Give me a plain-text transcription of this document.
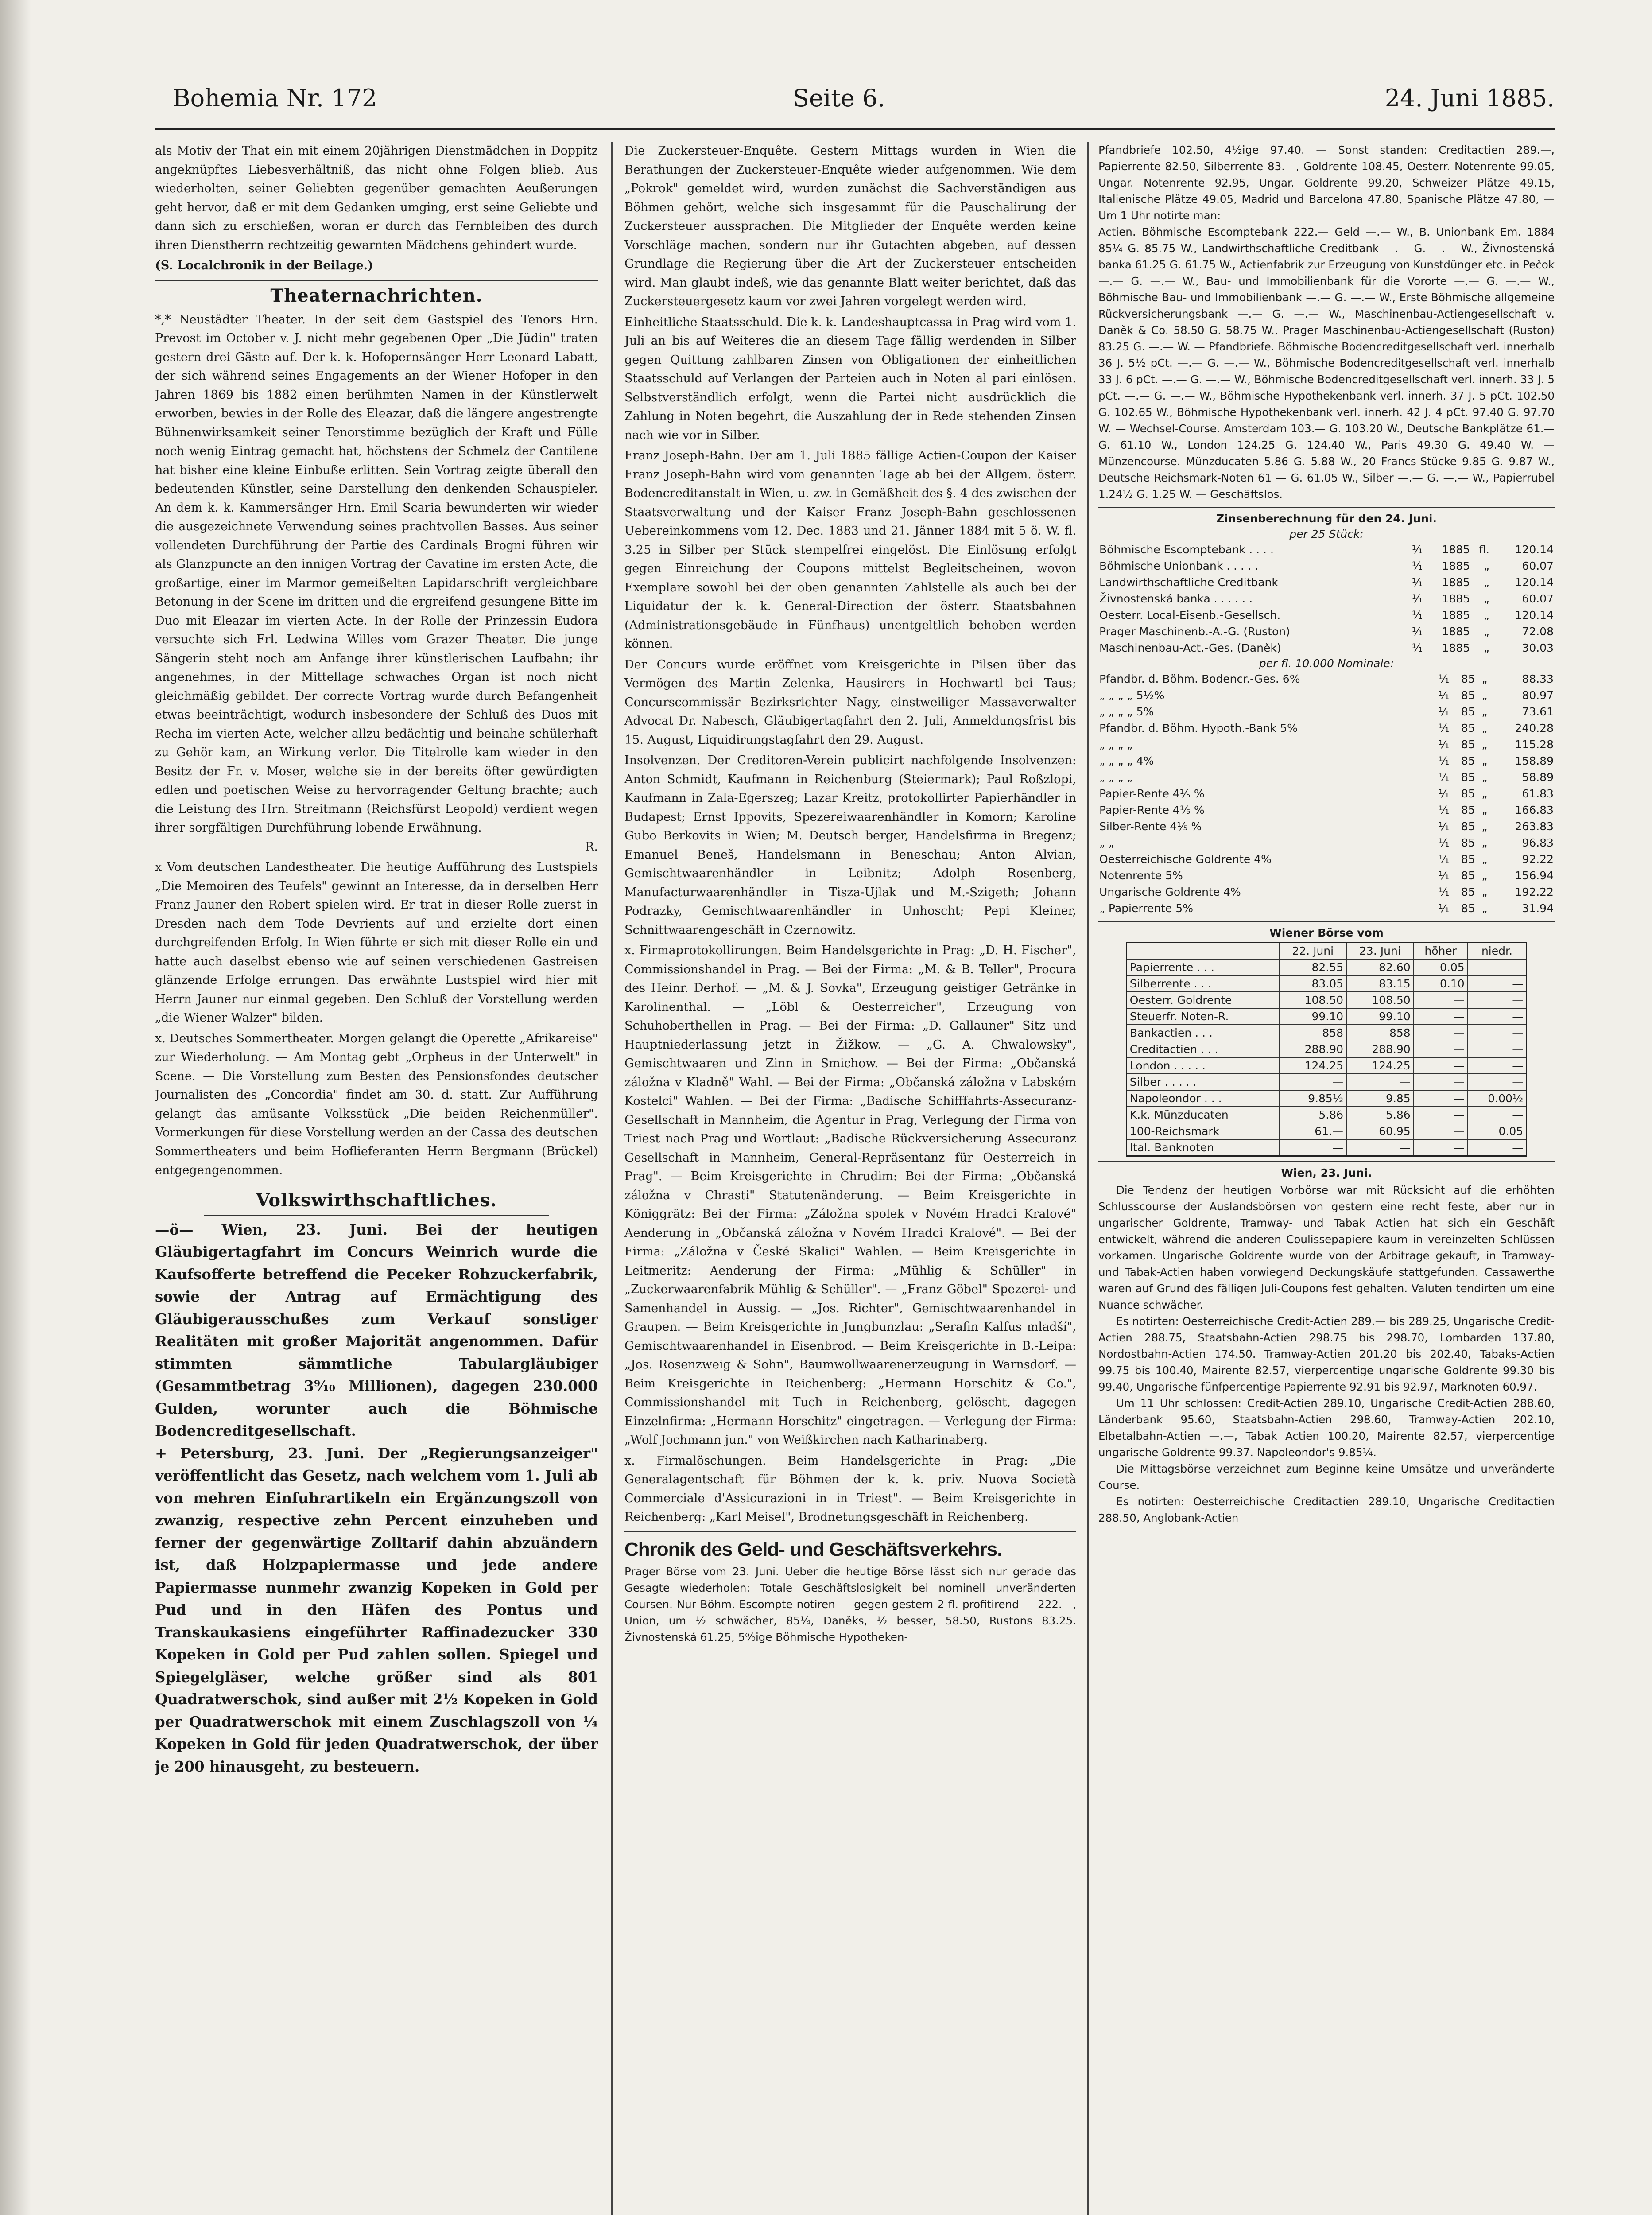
Bohemia Nr. 172	Seite 6.	24. Juni 1885.

als Motiv der That ein mit einem 20jährigen Dienstmädchen in Doppitz angeknüpftes Liebesverhältniß, das nicht ohne Folgen blieb. Aus wiederholten, seiner Geliebten gegenüber gemachten Aeußerungen geht hervor, daß er mit dem Gedanken umging, erst seine Geliebte und dann sich zu erschießen, woran er durch das Fernbleiben des durch ihren Dienstherrn rechtzeitig gewarnten Mädchens gehindert wurde.

(S. Localchronik in der Beilage.)

Theaternachrichten.

*,* Neustädter Theater. In der seit dem Gastspiel des Tenors Hrn. Prevost im October v. J. nicht mehr gegebenen Oper „Die Jüdin" traten gestern drei Gäste auf. Der k. k. Hofopernsänger Herr Leonard Labatt, der sich während seines Engagements an der Wiener Hofoper in den Jahren 1869 bis 1882 einen berühmten Namen in der Künstlerwelt erworben, bewies in der Rolle des Eleazar, daß die längere angestrengte Bühnenwirksamkeit seiner Tenorstimme bezüglich der Kraft und Fülle noch wenig Eintrag gemacht hat, höchstens der Schmelz der Cantilene hat bisher eine kleine Einbuße erlitten. Sein Vortrag zeigte überall den bedeutenden Künstler, seine Darstellung den denkenden Schauspieler. An dem k. k. Kammersänger Hrn. Emil Scaria bewunderten wir wieder die ausgezeichnete Verwendung seines prachtvollen Basses. Aus seiner vollendeten Durchführung der Partie des Cardinals Brogni führen wir als Glanzpuncte an den innigen Vortrag der Cavatine im ersten Acte, die großartige, einer im Marmor gemeißelten Lapidarschrift vergleichbare Betonung in der Scene im dritten und die ergreifend gesungene Bitte im Duo mit Eleazar im vierten Acte. In der Rolle der Prinzessin Eudora versuchte sich Frl. Ledwina Willes vom Grazer Theater. Die junge Sängerin steht noch am Anfange ihrer künstlerischen Laufbahn; ihr angenehmes, in der Mittellage schwaches Organ ist noch nicht gleichmäßig gebildet. Der correcte Vortrag wurde durch Befangenheit etwas beeinträchtigt, wodurch insbesondere der Schluß des Duos mit Recha im vierten Acte, welcher allzu bedächtig und beinahe schülerhaft zu Gehör kam, an Wirkung verlor. Die Titelrolle kam wieder in den Besitz der Fr. v. Moser, welche sie in der bereits öfter gewürdigten edlen und poetischen Weise zu hervorragender Geltung brachte; auch die Leistung des Hrn. Streitmann (Reichsfürst Leopold) verdient wegen ihrer sorgfältigen Durchführung lobende Erwähnung.

R.

x Vom deutschen Landestheater. Die heutige Aufführung des Lustspiels „Die Memoiren des Teufels" gewinnt an Interesse, da in derselben Herr Franz Jauner den Robert spielen wird. Er trat in dieser Rolle zuerst in Dresden nach dem Tode Devrients auf und erzielte dort einen durchgreifenden Erfolg. In Wien führte er sich mit dieser Rolle ein und hatte auch daselbst ebenso wie auf seinen verschiedenen Gastreisen glänzende Erfolge errungen. Das erwähnte Lustspiel wird hier mit Herrn Jauner nur einmal gegeben. Den Schluß der Vorstellung werden „die Wiener Walzer" bilden.

x. Deutsches Sommertheater. Morgen gelangt die Operette „Afrikareise" zur Wiederholung. — Am Montag gebt „Orpheus in der Unterwelt" in Scene. — Die Vorstellung zum Besten des Pensionsfondes deutscher Journalisten des „Concordia" findet am 30. d. statt. Zur Aufführung gelangt das amüsante Volksstück „Die beiden Reichenmüller". Vormerkungen für diese Vorstellung werden an der Cassa des deutschen Sommertheaters und beim Hoflieferanten Herrn Bergmann (Brückel) entgegengenommen.

Volkswirthschaftliches.

—ö— Wien, 23. Juni. Bei der heutigen Gläubigertagfahrt im Concurs Weinrich wurde die Kaufsofferte betreffend die Peceker Rohzuckerfabrik, sowie der Antrag auf Ermächtigung des Gläubigerausschußes zum Verkauf sonstiger Realitäten mit großer Majorität angenommen. Dafür stimmten sämmtliche Tabulargläubiger (Gesammtbetrag 3⁹⁄₁₀ Millionen), dagegen 230.000 Gulden, worunter auch die Böhmische Bodencreditgesellschaft.

+ Petersburg, 23. Juni. Der „Regierungsanzeiger" veröffentlicht das Gesetz, nach welchem vom 1. Juli ab von mehren Einfuhrartikeln ein Ergänzungszoll von zwanzig, respective zehn Percent einzuheben und ferner der gegenwärtige Zolltarif dahin abzuändern ist, daß Holzpapiermasse und jede andere Papiermasse nunmehr zwanzig Kopeken in Gold per Pud und in den Häfen des Pontus und Transkaukasiens eingeführter Raffinadezucker 330 Kopeken in Gold per Pud zahlen sollen. Spiegel und Spiegelgläser, welche größer sind als 801 Quadratwerschok, sind außer mit 2½ Kopeken in Gold per Quadratwerschok mit einem Zuschlagszoll von ¼ Kopeken in Gold für jeden Quadratwerschok, der über je 200 hinausgeht, zu besteuern.

Die Zuckersteuer-Enquête. Gestern Mittags wurden in Wien die Berathungen der Zuckersteuer-Enquête wieder aufgenommen. Wie dem „Pokrok" gemeldet wird, wurden zunächst die Sachverständigen aus Böhmen gehört, welche sich insgesammt für die Pauschalirung der Zuckersteuer aussprachen. Die Mitglieder der Enquête werden keine Vorschläge machen, sondern nur ihr Gutachten abgeben, auf dessen Grundlage die Regierung über die Art der Zuckersteuer entscheiden wird. Man glaubt indeß, wie das genannte Blatt weiter berichtet, daß das Zuckersteuergesetz kaum vor zwei Jahren vorgelegt werden wird.

Einheitliche Staatsschuld. Die k. k. Landeshauptcassa in Prag wird vom 1. Juli an bis auf Weiteres die an diesem Tage fällig werdenden in Silber gegen Quittung zahlbaren Zinsen von Obligationen der einheitlichen Staatsschuld auf Verlangen der Parteien auch in Noten al pari einlösen. Selbstverständlich erfolgt, wenn die Partei nicht ausdrücklich die Zahlung in Noten begehrt, die Auszahlung der in Rede stehenden Zinsen nach wie vor in Silber.

Franz Joseph-Bahn. Der am 1. Juli 1885 fällige Actien-Coupon der Kaiser Franz Joseph-Bahn wird vom genannten Tage ab bei der Allgem. österr. Bodencreditanstalt in Wien, u. zw. in Gemäßheit des §. 4 des zwischen der Staatsverwaltung und der Kaiser Franz Joseph-Bahn geschlossenen Uebereinkommens vom 12. Dec. 1883 und 21. Jänner 1884 mit 5 ö. W. fl. 3.25 in Silber per Stück stempelfrei eingelöst. Die Einlösung erfolgt gegen Einreichung der Coupons mittelst Begleitscheinen, wovon Exemplare sowohl bei der oben genannten Zahlstelle als auch bei der Liquidatur der k. k. General-Direction der österr. Staatsbahnen (Administrationsgebäude in Fünfhaus) unentgeltlich behoben werden können.

Der Concurs wurde eröffnet vom Kreisgerichte in Pilsen über das Vermögen des Martin Zelenka, Hausirers in Hochwartl bei Taus; Concurscommissär Bezirksrichter Nagy, einstweiliger Massaverwalter Advocat Dr. Nabesch, Gläubigertagfahrt den 2. Juli, Anmeldungsfrist bis 15. August, Liquidirungstagfahrt den 29. August.

Insolvenzen. Der Creditoren-Verein publicirt nachfolgende Insolvenzen: Anton Schmidt, Kaufmann in Reichenburg (Steiermark); Paul Roßzlopi, Kaufmann in Zala-Egerszeg; Lazar Kreitz, protokollirter Papierhändler in Budapest; Ernst Ippovits, Spezereiwaarenhändler in Komorn; Karoline Gubo Berkovits in Wien; M. Deutsch berger, Handelsfirma in Bregenz; Emanuel Beneš, Handelsmann in Beneschau; Anton Alvian, Gemischtwaarenhändler in Leibnitz; Adolph Rosenberg, Manufacturwaarenhändler in Tisza-Ujlak und M.-Szigeth; Johann Podrazky, Gemischtwaarenhändler in Unhoscht; Pepi Kleiner, Schnittwaarengeschäft in Czernowitz.

x. Firmaprotokollirungen. Beim Handelsgerichte in Prag: „D. H. Fischer", Commissionshandel in Prag. — Bei der Firma: „M. & B. Teller", Procura des Heinr. Derhof. — „M. & J. Sovka", Erzeugung geistiger Getränke in Karolinenthal. — „Löbl & Oesterreicher", Erzeugung von Schuhoberthellen in Prag. — Bei der Firma: „D. Gallauner" Sitz und Hauptniederlassung jetzt in Žižkow. — „G. A. Chwalowsky", Gemischtwaaren und Zinn in Smichow. — Bei der Firma: „Občanská záložna v Kladně" Wahl. — Bei der Firma: „Občanská záložna v Labském Kostelci" Wahlen. — Bei der Firma: „Badische Schifffahrts-Assecuranz-Gesellschaft in Mannheim, die Agentur in Prag, Verlegung der Firma von Triest nach Prag und Wortlaut: „Badische Rückversicherung Assecuranz Gesellschaft in Mannheim, General-Repräsentanz für Oesterreich in Prag". — Beim Kreisgerichte in Chrudim: Bei der Firma: „Občanská záložna v Chrasti" Statutenänderung. — Beim Kreisgerichte in Königgrätz: Bei der Firma: „Záložna spolek v Novém Hradci Kralové" Aenderung in „Občanská záložna v Novém Hradci Kralové". — Bei der Firma: „Záložna v České Skalici" Wahlen. — Beim Kreisgerichte in Leitmeritz: Aenderung der Firma: „Mühlig & Schüller" in „Zuckerwaarenfabrik Mühlig & Schüller". — „Franz Göbel" Spezerei- und Samenhandel in Aussig. — „Jos. Richter", Gemischtwaarenhandel in Graupen. — Beim Kreisgerichte in Jungbunzlau: „Serafin Kalfus mladší", Gemischtwaarenhandel in Eisenbrod. — Beim Kreisgerichte in B.-Leipa: „Jos. Rosenzweig & Sohn", Baumwollwaarenerzeugung in Warnsdorf. — Beim Kreisgerichte in Reichenberg: „Hermann Horschitz & Co.", Commissionshandel mit Tuch in Reichenberg, gelöscht, dagegen Einzelnfirma: „Hermann Horschitz" eingetragen. — Verlegung der Firma: „Wolf Jochmann jun." von Weißkirchen nach Katharinaberg.

x. Firmalöschungen. Beim Handelsgerichte in Prag: „Die Generalagentschaft für Böhmen der k. k. priv. Nuova Società Commerciale d'Assicurazioni in in Triest". — Beim Kreisgerichte in Reichenberg: „Karl Meisel", Brodnetungsgeschäft in Reichenberg.

Chronik des Geld- und Geschäftsverkehrs.

Prager Börse vom 23. Juni. Ueber die heutige Börse lässt sich nur gerade das Gesagte wiederholen: Totale Geschäftslosigkeit bei nominell unveränderten Coursen. Nur Böhm. Escompte notiren — gegen gestern 2 fl. profitirend — 222.—, Union, um ½ schwächer, 85¼, Daněks, ½ besser, 58.50, Rustons 83.25. Živnostenská 61.25, 5⁰⁄₀ige Böhmische Hypotheken-

Pfandbriefe 102.50, 4½ige 97.40. — Sonst standen: Creditactien 289.—, Papierrente 82.50, Silberrente 83.—, Goldrente 108.45, Oesterr. Notenrente 99.05, Ungar. Notenrente 92.95, Ungar. Goldrente 99.20, Schweizer Plätze 49.15, Italienische Plätze 49.05, Madrid und Barcelona 47.80, Spanische Plätze 47.80, — Um 1 Uhr notirte man:

Actien. Böhmische Escomptebank 222.— Geld —.— W., B. Unionbank Em. 1884 85¼ G. 85.75 W., Landwirthschaftliche Creditbank —.— G. —.— W., Živnostenská banka 61.25 G. 61.75 W., Actienfabrik zur Erzeugung von Kunstdünger etc. in Pečok —.— G. —.— W., Bau- und Immobilienbank für die Vororte —.— G. —.— W., Böhmische Bau- und Immobilienbank —.— G. —.— W., Erste Böhmische allgemeine Rückversicherungsbank —.— G. —.— W., Maschinenbau-Actiengesellschaft v. Daněk & Co. 58.50 G. 58.75 W., Prager Maschinenbau-Actiengesellschaft (Ruston) 83.25 G. —.— W. — Pfandbriefe. Böhmische Bodencreditgesellschaft verl. innerhalb 36 J. 5½ pCt. —.— G. —.— W., Böhmische Bodencreditgesellschaft verl. innerhalb 33 J. 6 pCt. —.— G. —.— W., Böhmische Bodencreditgesellschaft verl. innerh. 33 J. 5 pCt. —.— G. —.— W., Böhmische Hypothekenbank verl. innerh. 37 J. 5 pCt. 102.50 G. 102.65 W., Böhmische Hypothekenbank verl. innerh. 42 J. 4 pCt. 97.40 G. 97.70 W. — Wechsel-Course. Amsterdam 103.— G. 103.20 W., Deutsche Bankplätze 61.— G. 61.10 W., London 124.25 G. 124.40 W., Paris 49.30 G. 49.40 W. — Münzencourse. Münzducaten 5.86 G. 5.88 W., 20 Francs-Stücke 9.85 G. 9.87 W., Deutsche Reichsmark-Noten 61 — G. 61.05 W., Silber —.— G. —.— W., Papierrubel 1.24½ G. 1.25 W. — Geschäftslos.

Zinsenberechnung für den 24. Juni.

per 25 Stück:

Böhmische Escomptebank . . . .	¹⁄₁	1885	fl.	120.14
Böhmische Unionbank . . . . .	¹⁄₁	1885	„	60.07
Landwirthschaftliche Creditbank	¹⁄₁	1885	„	120.14
Živnostenská banka . . . . . .	¹⁄₁	1885	„	60.07
Oesterr. Local-Eisenb.-Gesellsch.	¹⁄₁	1885	„	120.14
Prager Maschinenb.-A.-G. (Ruston)	¹⁄₁	1885	„	72.08
Maschinenbau-Act.-Ges. (Daněk)	¹⁄₁	1885	„	30.03

per fl. 10.000 Nominale:

Pfandbr. d. Böhm. Bodencr.-Ges. 6%	¹⁄₁	85	„	88.33
„ „ „ „ 5½%	¹⁄₁	85	„	80.97
„ „ „ „ 5%	¹⁄₁	85	„	73.61
Pfandbr. d. Böhm. Hypoth.-Bank 5%	¹⁄₁	85	„	240.28
„ „ „ „	¹⁄₁	85	„	115.28
„ „ „ „ 4%	¹⁄₁	85	„	158.89
„ „ „ „	¹⁄₁	85	„	58.89
Papier-Rente 4¹⁄₅ %	¹⁄₁	85	„	61.83
Papier-Rente 4¹⁄₅ %	¹⁄₁	85	„	166.83
Silber-Rente 4¹⁄₅ %	¹⁄₁	85	„	263.83
„ „	¹⁄₁	85	„	96.83
Oesterreichische Goldrente 4%	¹⁄₁	85	„	92.22
Notenrente 5%	¹⁄₁	85	„	156.94
Ungarische Goldrente 4%	¹⁄₁	85	„	192.22
„ Papierrente 5%	¹⁄₁	85	„	31.94
Wiener Börse vom
	22. Juni	23. Juni	höher	niedr.
Papierrente . . .	82.55	82.60	0.05	—
Silberrente . . .	83.05	83.15	0.10	—
Oesterr. Goldrente	108.50	108.50	—	—
Steuerfr. Noten-R.	99.10	99.10	—	—
Bankactien . . .	858	858	—	—
Creditactien . . .	288.90	288.90	—	—
London . . . . .	124.25	124.25	—	—
Silber . . . . .	—	—	—	—
Napoleondor . . .	9.85½	9.85	—	0.00½
K.k. Münzducaten	5.86	5.86	—	—
100-Reichsmark	61.—	60.95	—	0.05
Ital. Banknoten	—	—	—	—
Wien, 23. Juni.

Die Tendenz der heutigen Vorbörse war mit Rücksicht auf die erhöhten Schlusscourse der Auslandsbörsen von gestern eine recht feste, aber nur in ungarischer Goldrente, Tramway- und Tabak Actien hat sich ein Geschäft entwickelt, während die anderen Coulissepapiere kaum in vereinzelten Schlüssen vorkamen. Ungarische Goldrente wurde von der Arbitrage gekauft, in Tramway- und Tabak-Actien haben vorwiegend Deckungskäufe stattgefunden. Cassawerthe waren auf Grund des fälligen Juli-Coupons fest gehalten. Valuten tendirten um eine Nuance schwächer.

Es notirten: Oesterreichische Credit-Actien 289.— bis 289.25, Ungarische Credit-Actien 288.75, Staatsbahn-Actien 298.75 bis 298.70, Lombarden 137.80, Nordostbahn-Actien 174.50. Tramway-Actien 201.20 bis 202.40, Tabaks-Actien 99.75 bis 100.40, Mairente 82.57, vierpercentige ungarische Goldrente 99.30 bis 99.40, Ungarische fünfpercentige Papierrente 92.91 bis 92.97, Marknoten 60.97.

Um 11 Uhr schlossen: Credit-Actien 289.10, Ungarische Credit-Actien 288.60, Länderbank 95.60, Staatsbahn-Actien 298.60, Tramway-Actien 202.10, Elbetalbahn-Actien —.—, Tabak Actien 100.20, Mairente 82.57, vierpercentige ungarische Goldrente 99.37. Napoleondor's 9.85¼.

Die Mittagsbörse verzeichnet zum Beginne keine Umsätze und unveränderte Course.

Es notirten: Oesterreichische Creditactien 289.10, Ungarische Creditactien 288.50, Anglobank-Actien
